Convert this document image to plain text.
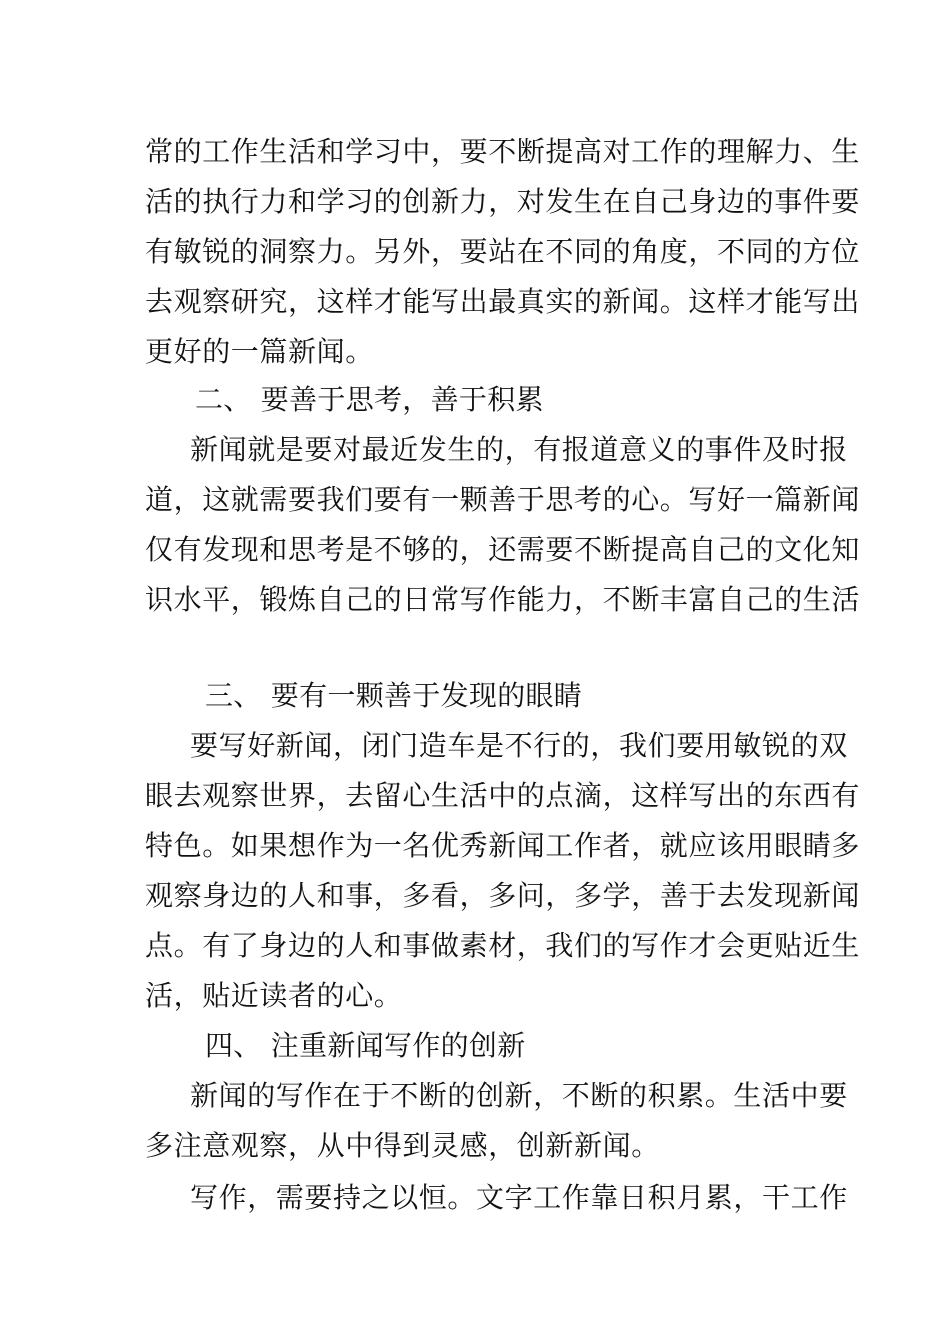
常的工作生活和学习中，要不断提高对工作的理解力、生

活的执行力和学习的创新力，对发生在自己身边的事件要

有敏锐的洞察力。另外，要站在不同的角度，不同的方位

去观察研究，这样才能写出最真实的新闻。这样才能写出

更好的一篇新闻。

二、 要善于思考，善于积累

新闻就是要对最近发生的，有报道意义的事件及时报

道，这就需要我们要有一颗善于思考的心。写好一篇新闻

仅有发现和思考是不够的，还需要不断提高自己的文化知

识水平，锻炼自己的日常写作能力，不断丰富自己的生活

三、 要有一颗善于发现的眼睛

要写好新闻，闭门造车是不行的，我们要用敏锐的双

眼去观察世界，去留心生活中的点滴，这样写出的东西有

特色。如果想作为一名优秀新闻工作者，就应该用眼睛多

观察身边的人和事，多看，多问，多学，善于去发现新闻

点。有了身边的人和事做素材，我们的写作才会更贴近生

活，贴近读者的心。

四、 注重新闻写作的创新

新闻的写作在于不断的创新，不断的积累。生活中要

多注意观察，从中得到灵感，创新新闻。

写作，需要持之以恒。文字工作靠日积月累，干工作
